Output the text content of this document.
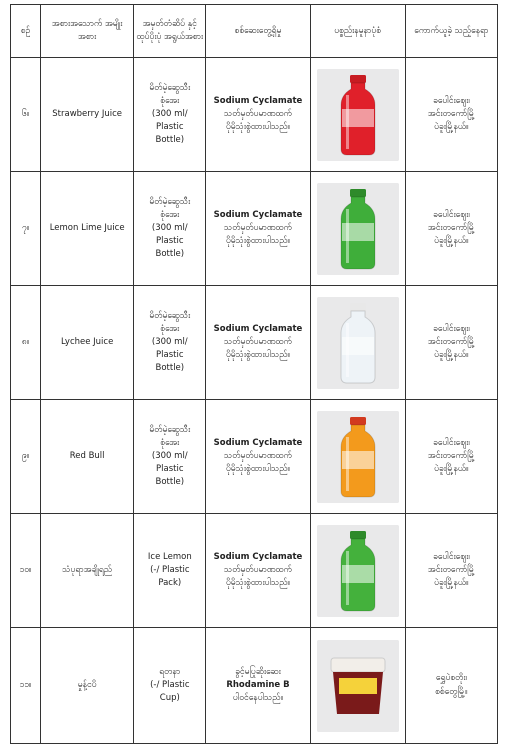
စဉ်	အစားအသောက် အမျိုးအစား	အမှတ်တံဆိပ် နှင့်ထုပ်ပိုးပုံ အရွယ်အစား	စစ်ဆေးတွေ့ရှိမှု	ပစ္စည်းနမူနာပုံစံ	ကောက်ယူခဲ့ သည့်နေရာ
၆။	Strawberry Juice	မိတ်မဲ့ဆွေသီး
စုံအေး
(300 ml/
Plastic
Bottle)	Sodium Cyclamate
သတ်မှတ်ပမာဏထက်
ပိုမိုသုံးစွဲထားပါသည်။		ခပေါင်းဈေး၊
အင်းတကော်မြို့
ပဲခူးမြို့နယ်။

၇။	Lemon Lime Juice	မိတ်မဲ့ဆွေသီး
စုံအေး
(300 ml/
Plastic
Bottle)	Sodium Cyclamate
သတ်မှတ်ပမာဏထက်
ပိုမိုသုံးစွဲထားပါသည်။		ခပေါင်းဈေး၊
အင်းတကော်မြို့
ပဲခူးမြို့နယ်။

၈။	Lychee Juice	မိတ်မဲ့ဆွေသီး
စုံအေး
(300 ml/
Plastic
Bottle)	Sodium Cyclamate
သတ်မှတ်ပမာဏထက်
ပိုမိုသုံးစွဲထားပါသည်။		ခပေါင်းဈေး၊
အင်းတကော်မြို့
ပဲခူးမြို့နယ်။

၉။	Red Bull	မိတ်မဲ့ဆွေသီး
စုံအေး
(300 ml/
Plastic
Bottle)	Sodium Cyclamate
သတ်မှတ်ပမာဏထက်
ပိုမိုသုံးစွဲထားပါသည်။		ခပေါင်းဈေး၊
အင်းတကော်မြို့
ပဲခူးမြို့နယ်။

၁၀။	သံပုရာအချိုရည်	Ice Lemon
(-/ Plastic
Pack)	Sodium Cyclamate
သတ်မှတ်ပမာဏထက်
ပိုမိုသုံးစွဲထားပါသည်။		ခပေါင်းဈေး၊
အင်းတကော်မြို့
ပဲခူးမြို့နယ်။

၁၁။	မှုန့်ငပိ	ရတနာ
(-/ Plastic
Cup)	ခွင့်မပြုဆိုးဆေး
Rhodamine B
ပါဝင်နေပါသည်။		ရွှေပဲစတိုး၊
စစ်တွေမြို့။
